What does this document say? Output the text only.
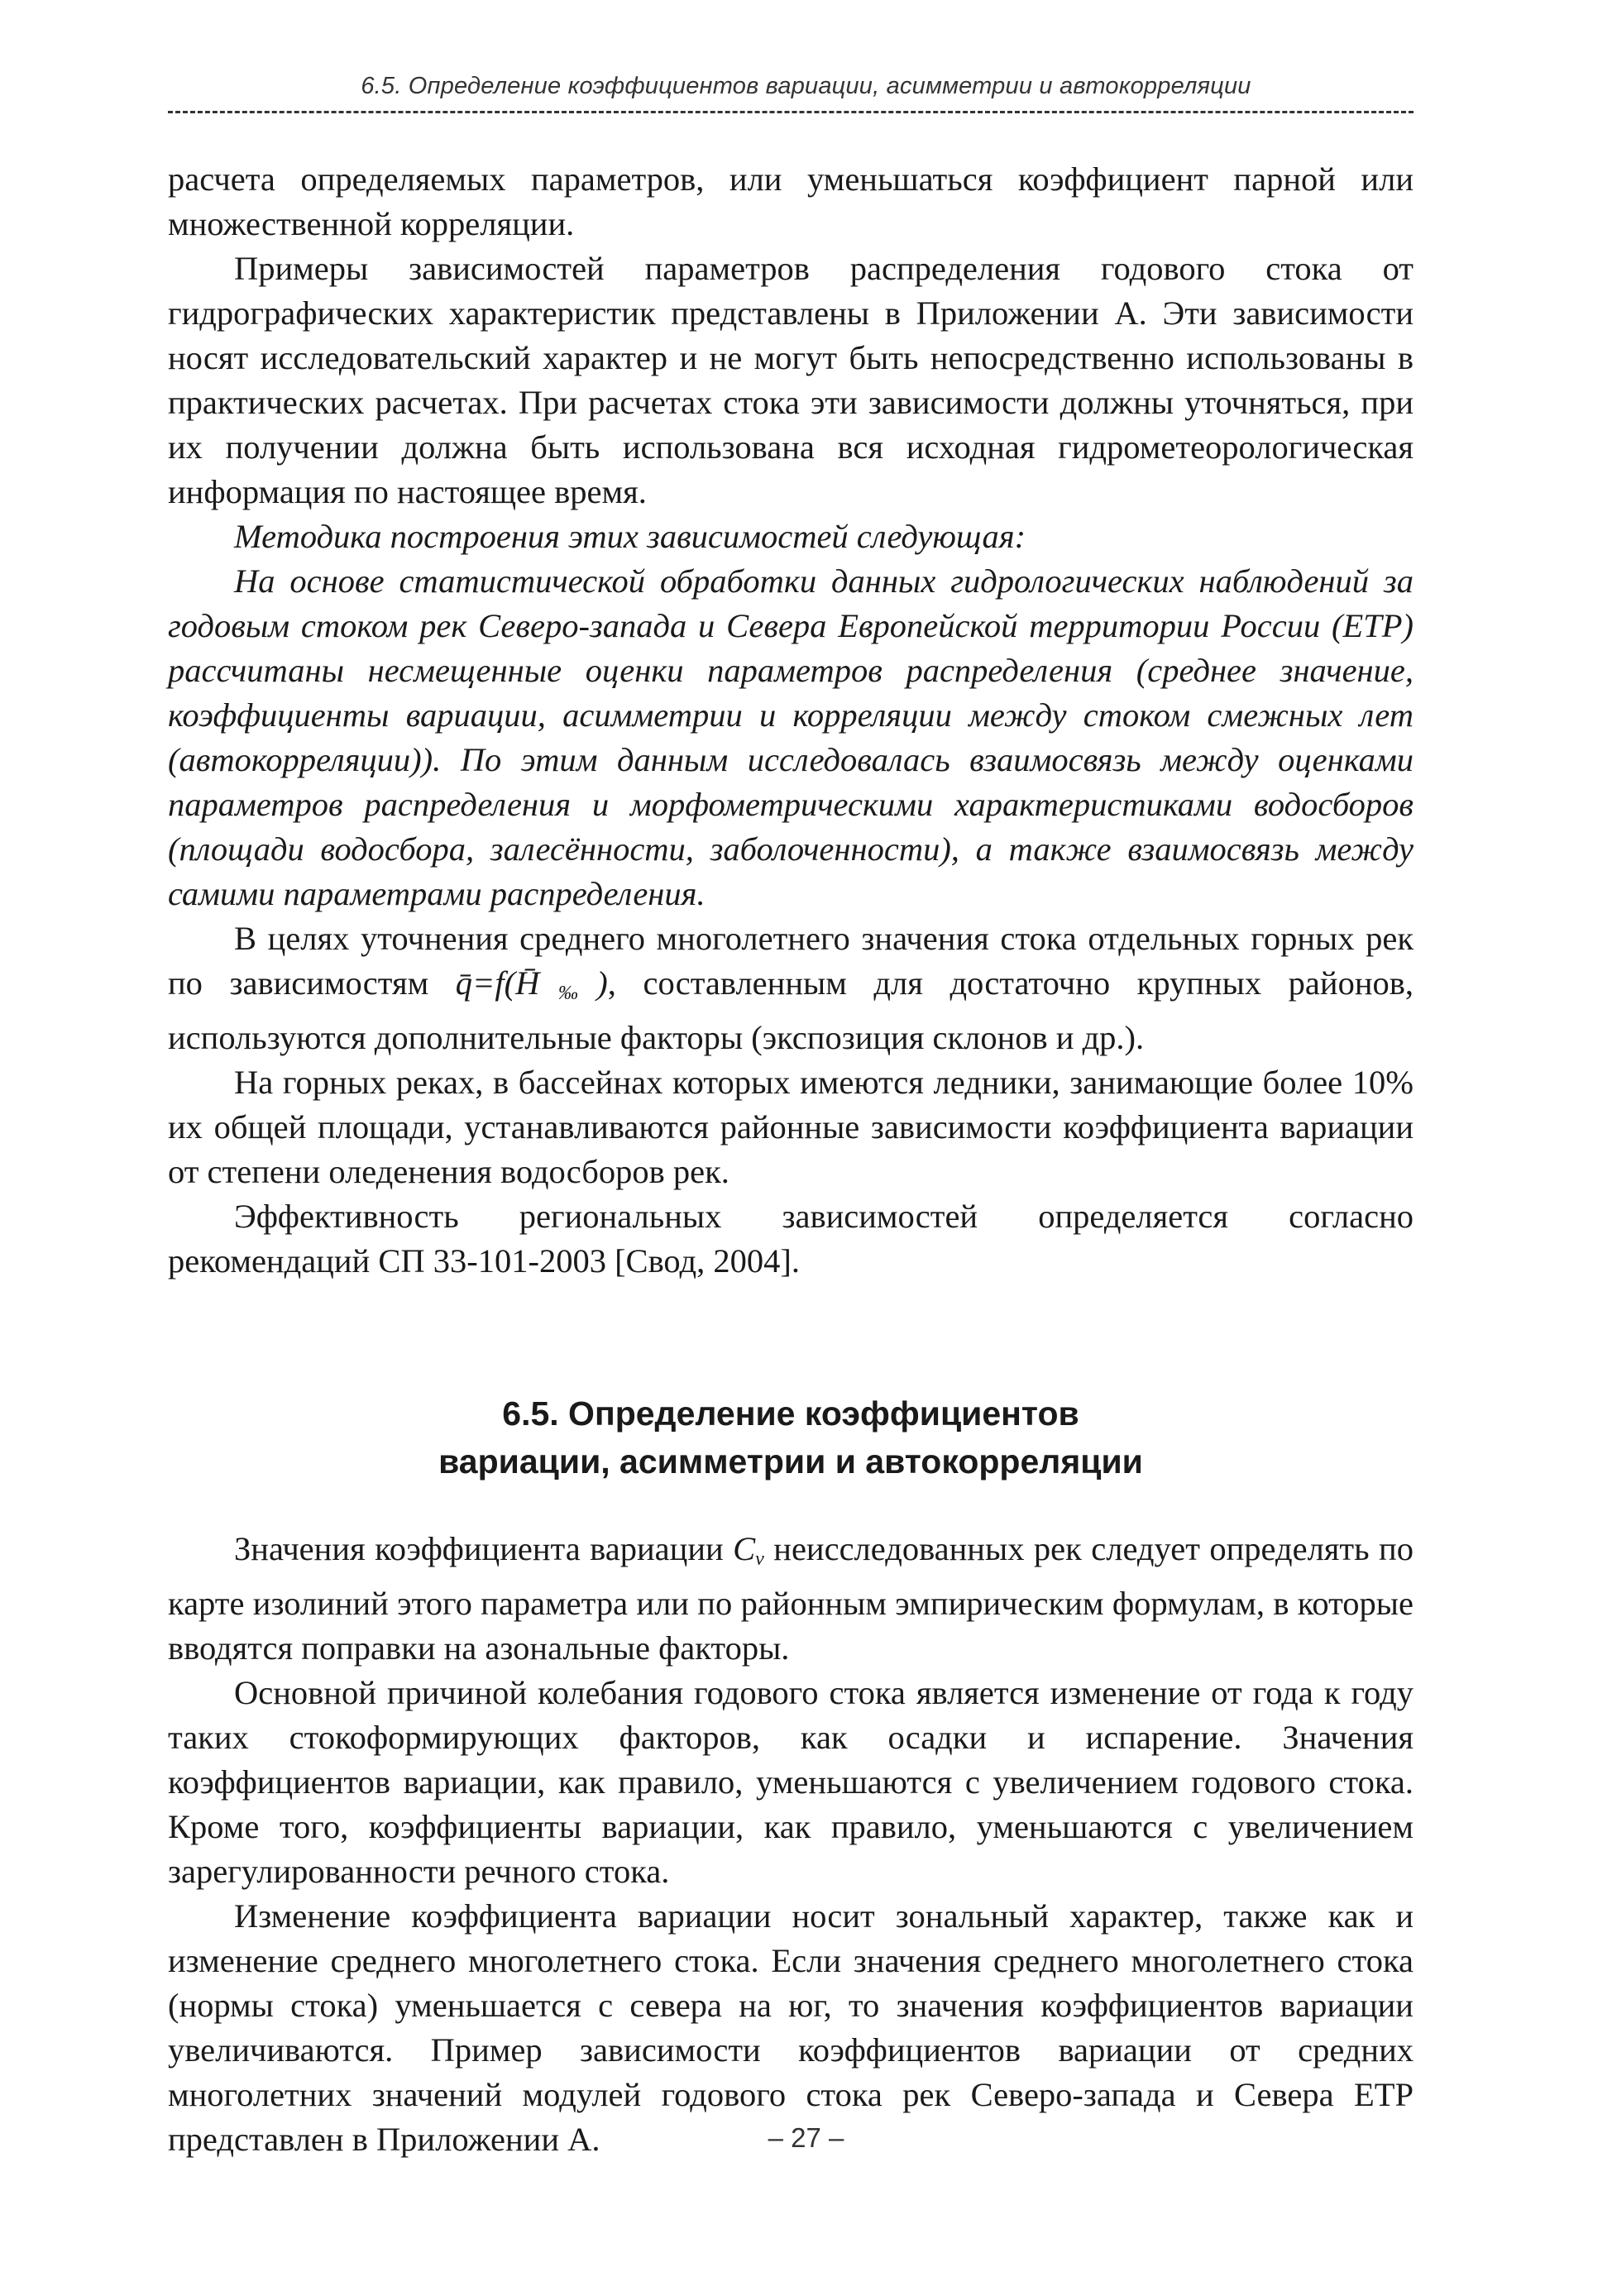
6.5. Определение коэффициентов вариации, асимметрии и автокорреляции

расчета определяемых параметров, или уменьшаться коэффициент парной или множественной корреляции.

Примеры зависимостей параметров распределения годового стока от гидрографических характеристик представлены в Приложении А. Эти зависимости носят исследовательский характер и не могут быть непосредственно использованы в практических расчетах. При расчетах стока эти зависимости должны уточняться, при их получении должна быть использована вся исходная гидрометеорологическая информация по настоящее время.

Методика построения этих зависимостей следующая:

На основе статистической обработки данных гидрологических наблюдений за годовым стоком рек Северо-запада и Севера Европейской территории России (ЕТР) рассчитаны несмещенные оценки параметров распределения (среднее значение, коэффициенты вариации, асимметрии и корреляции между стоком смежных лет (автокорреляции)). По этим данным исследовалась взаимосвязь между оценками параметров распределения и морфометрическими характеристиками водосборов (площади водосбора, залесённости, заболоченности), а также взаимосвязь между самими параметрами распределения.

В целях уточнения среднего многолетнего значения стока отдельных горных рек по зависимостям $q̄=f(H̄_‰)$, составленным для достаточно крупных районов, используются дополнительные факторы (экспозиция склонов и др.).

На горных реках, в бассейнах которых имеются ледники, занимающие более 10% их общей площади, устанавливаются районные зависимости коэффициента вариации от степени оледенения водосборов рек.

Эффективность региональных зависимостей определяется согласно рекомендаций СП 33-101-2003 [Свод, 2004].

6.5. Определение коэффициентов
вариации, асимметрии и автокорреляции

Значения коэффициента вариации $C_v$ неисследованных рек следует определять по карте изолиний этого параметра или по районным эмпирическим формулам, в которые вводятся поправки на азональные факторы.

Основной причиной колебания годового стока является изменение от года к году таких стокоформирующих факторов, как осадки и испарение. Значения коэффициентов вариации, как правило, уменьшаются с увеличением годового стока. Кроме того, коэффициенты вариации, как правило, уменьшаются с увеличением зарегулированности речного стока.

Изменение коэффициента вариации носит зональный характер, также как и изменение среднего многолетнего стока. Если значения среднего многолетнего стока (нормы стока) уменьшается с севера на юг, то значения коэффициентов вариации увеличиваются. Пример зависимости коэффициентов вариации от средних многолетних значений модулей годового стока рек Северо-запада и Севера ЕТР представлен в Приложении А.	– 27 –
